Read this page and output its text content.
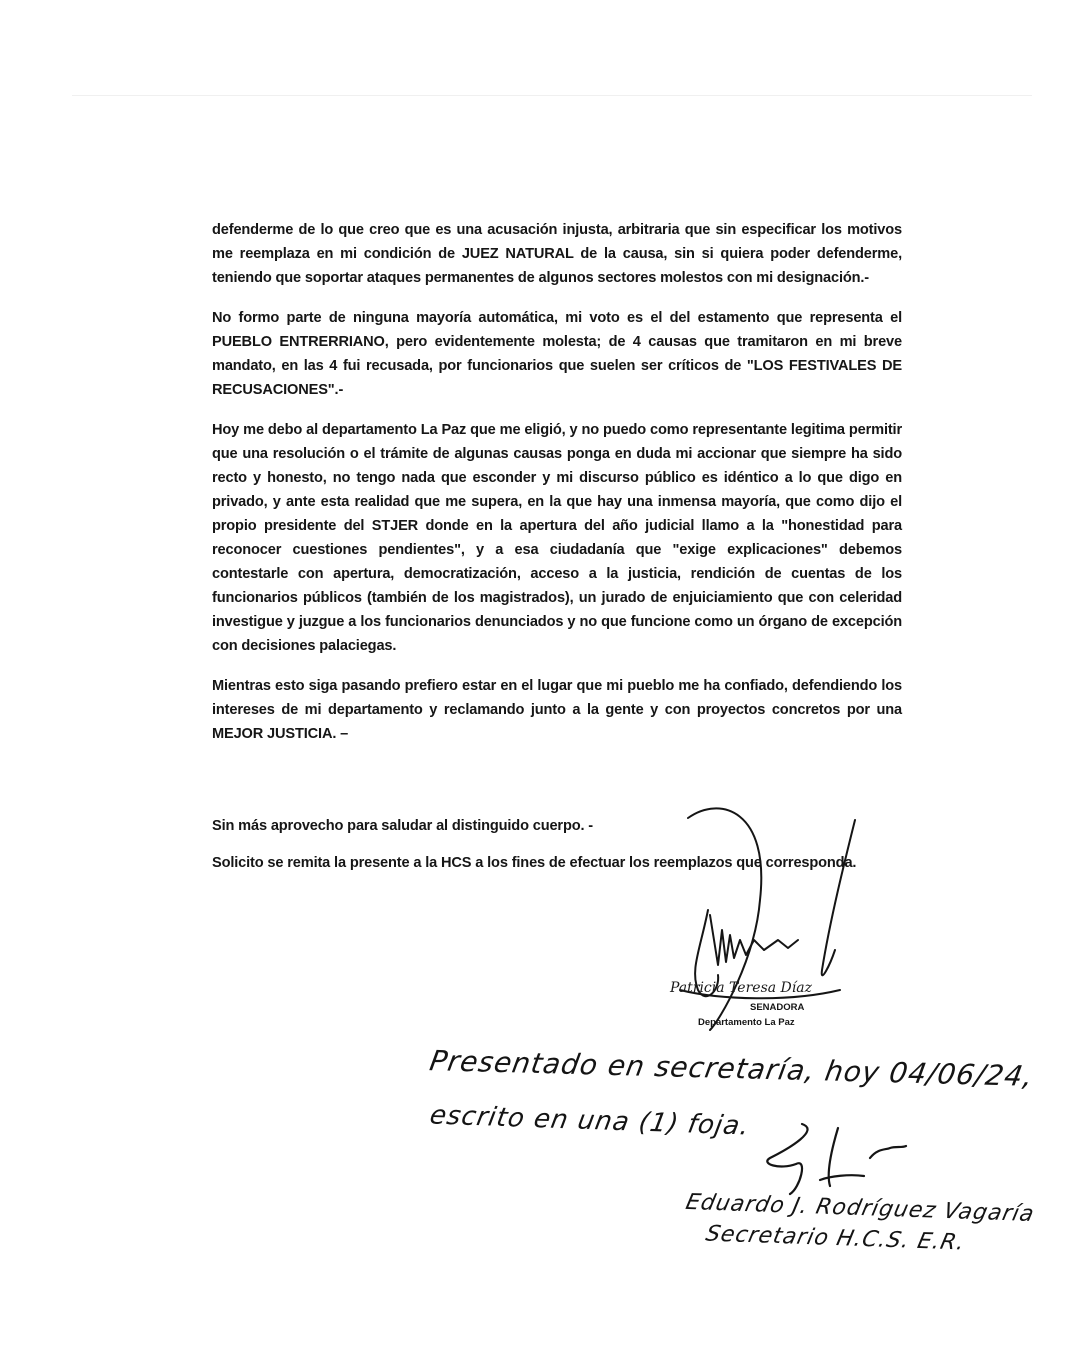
defenderme de lo que creo que es una acusación injusta, arbitraria que sin especificar los motivos me reemplaza en mi condición de JUEZ NATURAL de la causa, sin si quiera poder defenderme, teniendo que soportar ataques permanentes de algunos sectores molestos con mi designación.-

No formo parte de ninguna mayoría automática, mi voto es el del estamento que representa el PUEBLO ENTRERRIANO, pero evidentemente molesta; de 4 causas que tramitaron en mi breve mandato, en las 4 fui recusada, por funcionarios que suelen ser críticos de "LOS FESTIVALES DE RECUSACIONES".-

Hoy me debo al departamento La Paz que me eligió, y no puedo como representante legitima permitir que una resolución o el trámite de algunas causas ponga en duda mi accionar que siempre ha sido recto y honesto, no tengo nada que esconder y mi discurso público es idéntico a lo que digo en privado, y ante esta realidad que me supera, en la que hay una inmensa mayoría, que como dijo el propio presidente del STJER donde en la apertura del año judicial llamo a la "honestidad para reconocer cuestiones pendientes", y a esa ciudadanía que "exige explicaciones" debemos contestarle con apertura, democratización, acceso a la justicia, rendición de cuentas de los funcionarios públicos (también de los magistrados), un jurado de enjuiciamiento que con celeridad investigue y juzgue a los funcionarios denunciados y no que funcione como un órgano de excepción con decisiones palaciegas.

Mientras esto siga pasando prefiero estar en el lugar que mi pueblo me ha confiado, defendiendo los intereses de mi departamento y reclamando junto a la gente y con proyectos concretos por una MEJOR JUSTICIA. –

Sin más aprovecho para saludar al distinguido cuerpo. -

Solicito se remita la presente a la HCS a los fines de efectuar los reemplazos que corresponda.

Patricia Teresa Díaz
SENADORA
Departamento La Paz
Presentado en secretaría, hoy 04/06/24,
escrito en una (1) foja.
Eduardo J. Rodríguez Vagaría
Secretario H.C.S. E.R.
